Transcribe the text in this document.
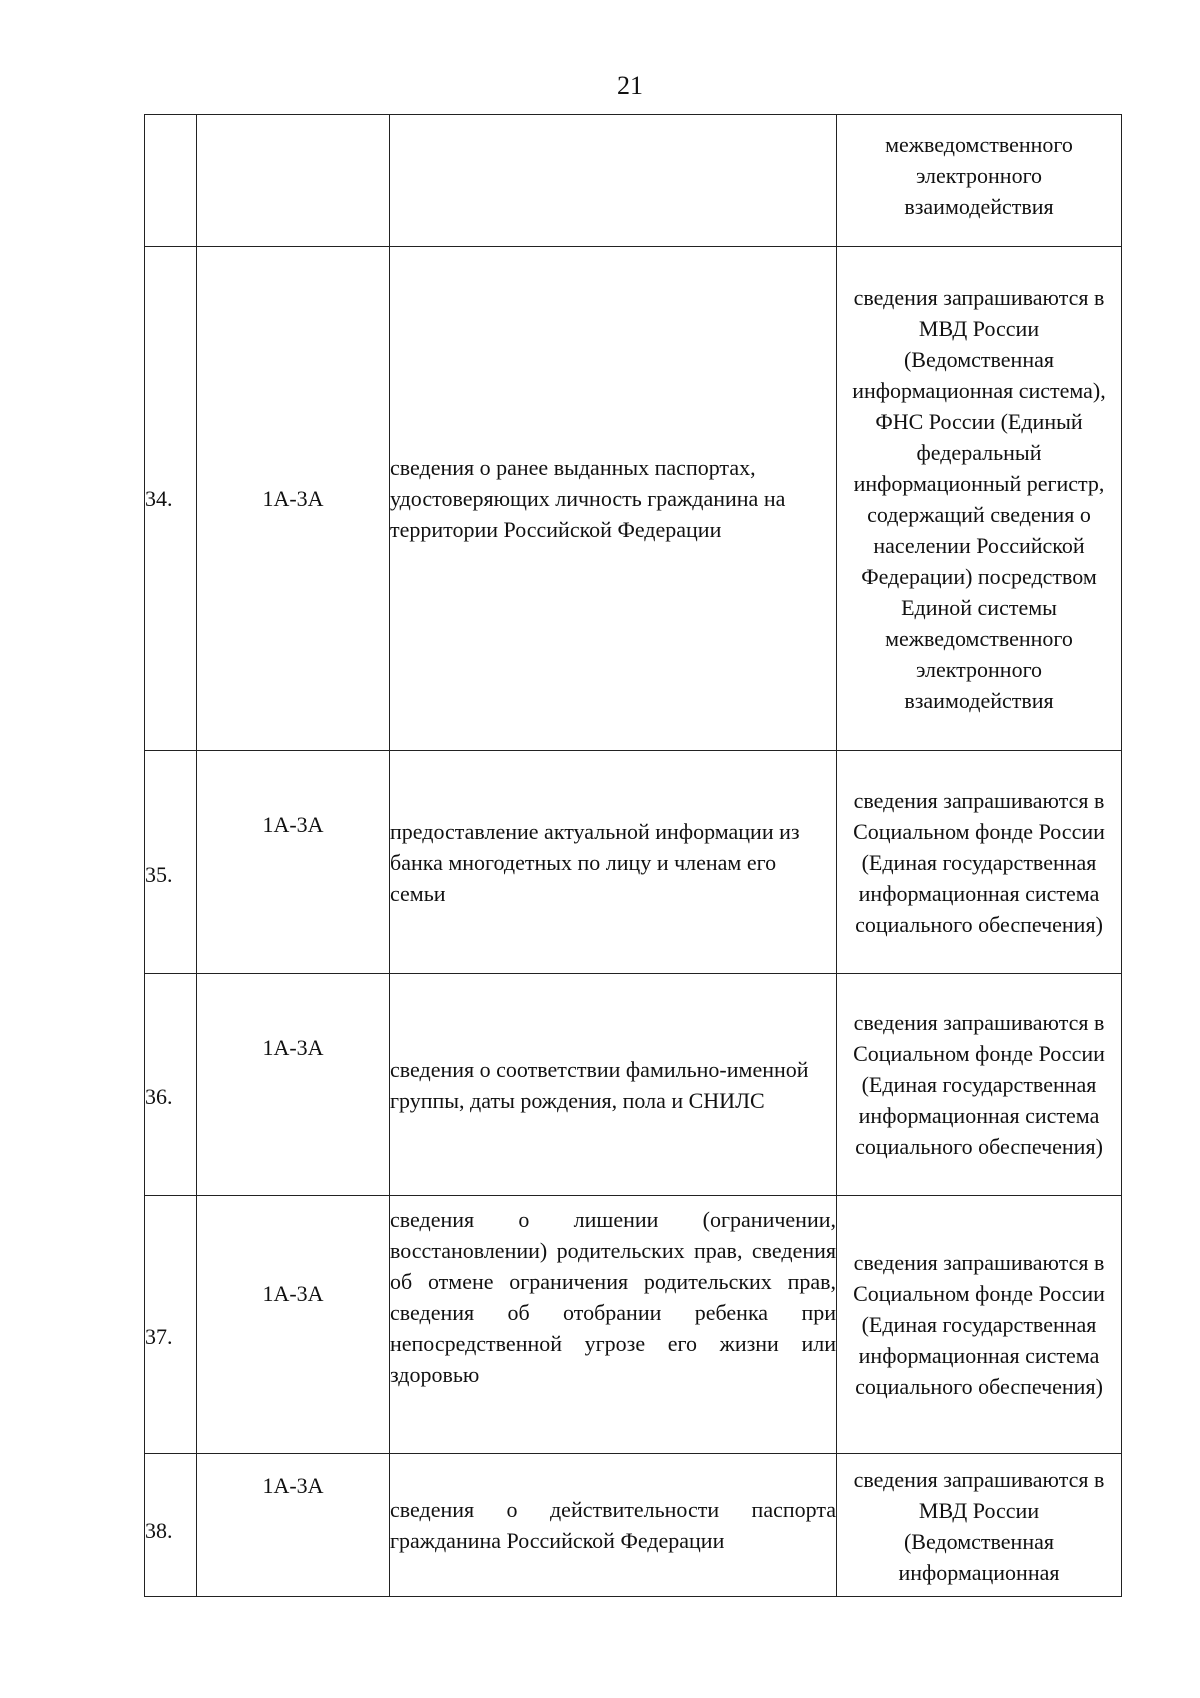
21

			межведомственного электронного взаимодействия

34.	1А-3А	сведения о ранее выданных паспортах, удостоверяющих личность гражданина на территории Российской Федерации	сведения запрашиваются в МВД России (Ведомственная информационная система), ФНС России (Единый федеральный информационный регистр, содержащий сведения о населении Российской Федерации) посредством Единой системы межведомственного электронного взаимодействия

35.	1А-3А	предоставление актуальной информации из банка многодетных по лицу и членам его семьи	сведения запрашиваются в Социальном фонде России (Единая государственная информационная система социального обеспечения)

36.	1А-3А	сведения о соответствии фамильно-именной группы, даты рождения, пола и СНИЛС	сведения запрашиваются в Социальном фонде России (Единая государственная информационная система социального обеспечения)

37.	1А-3А	сведения о лишении (ограничении, восстановлении) родительских прав, сведения об отмене ограничения родительских прав, сведения об отобрании ребенка при непосредственной угрозе его жизни или здоровью	сведения запрашиваются в Социальном фонде России (Единая государственная информационная система социального обеспечения)

38.	1А-3А	сведения о действительности паспорта гражданина Российской Федерации	сведения запрашиваются в МВД России (Ведомственная информационная
